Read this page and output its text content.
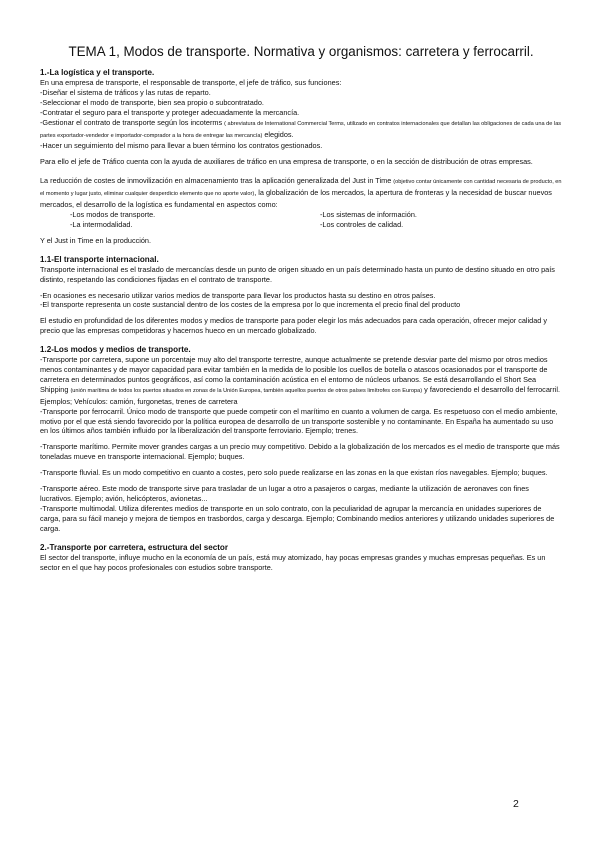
TEMA 1, Modos de transporte. Normativa y organismos: carretera y ferrocarril.
1.-La logística y el transporte.
En una empresa de transporte, el responsable de transporte, el jefe de tráfico, sus funciones:
-Diseñar el sistema de tráficos y las rutas de reparto.
-Seleccionar el modo de transporte, bien sea propio o subcontratado.
-Contratar el seguro para el transporte y proteger adecuadamente la mercancía.
-Gestionar el contrato de transporte según los incoterms ( abreviatura de International Commercial Terms, utilizado en contratos internacionales que detallan las obligaciones de cada una de las partes exportador-vendedor e importador-comprador a la hora de entregar las mercancía) elegidos.
-Hacer un seguimiento del mismo para llevar a buen término los contratos gestionados.
Para ello el jefe de Tráfico cuenta con la ayuda de auxiliares de tráfico en una empresa de transporte, o en la sección de distribución de otras empresas.
La reducción de costes de inmovilización en almacenamiento tras la aplicación generalizada del Just in Time (objetivo contar únicamente con cantidad necesaria de producto, en el momento y lugar justo, eliminar cualquier desperdicio elemento que no aporte valor), la globalización de los mercados, la apertura de fronteras y la necesidad de buscar nuevos mercados, el desarrollo de la logística es fundamental en aspectos como:
-Los modos de transporte.
-La intermodalidad.
-Los sistemas de información.
-Los controles de calidad.
Y el Just in Time en la producción.
1.1-El transporte internacional.
Transporte internacional es el traslado de mercancías desde un punto de origen situado en un país determinado hasta un punto de destino situado en otro país distinto, respetando las condiciones fijadas en el contrato de transporte.
-En ocasiones es necesario utilizar varios medios de transporte para llevar los productos hasta su destino en otros países.
-El transporte representa un coste sustancial dentro de los costes de la empresa por lo que incrementa el precio final del producto
El estudio en profundidad de los diferentes modos y medios de transporte para poder elegir los más adecuados para cada operación, ofrecer mejor calidad y precio que las empresas competidoras y hacernos hueco en un mercado globalizado.
1.2-Los modos y medios de transporte.
-Transporte por carretera, supone un porcentaje muy alto del transporte terrestre, aunque actualmente se pretende desviar parte del mismo por otros medios menos contaminantes y de mayor capacidad para evitar también en la medida de lo posible los cuellos de botella o atascos ocasionados por el transporte de carretera en determinados puntos geográficos, así como la contaminación acústica en el entorno de núcleos urbanos. Se está desarrollando el Short Sea Shipping (unión marítima de todos los puertos situados en zonas de la Unión Europea, también aquellos puertos de otros países limítrofes con Europa) y favoreciendo el desarrollo del ferrocarril. Ejemplos; Vehículos: camión, furgonetas, trenes de carretera
-Transporte por ferrocarril. Único modo de transporte que puede competir con el marítimo en cuanto a volumen de carga. Es respetuoso con el medio ambiente, motivo por el que está siendo favorecido por la política europea de desarrollo de un transporte sostenible y no contaminante. En España ha aumentado su uso en los últimos años también influido por la liberalización del transporte ferroviario. Ejemplo; trenes.
-Transporte marítimo. Permite mover grandes cargas a un precio muy competitivo. Debido a la globalización de los mercados es el medio de transporte que más toneladas mueve en transporte internacional. Ejemplo; buques.
-Transporte fluvial. Es un modo competitivo en cuanto a costes, pero solo puede realizarse en las zonas en la que existan ríos navegables. Ejemplo; buques.
-Transporte aéreo. Este modo de transporte sirve para trasladar de un lugar a otro a pasajeros o cargas, mediante la utilización de aeronaves con fines lucrativos. Ejemplo; avión, helicópteros, avionetas...
-Transporte multimodal. Utiliza diferentes medios de transporte en un solo contrato, con la peculiaridad de agrupar la mercancía en unidades superiores de carga, para su fácil manejo y mejora de tiempos en trasbordos, carga y descarga. Ejemplo; Combinando medios anteriores y utilizando unidades superiores de carga.
2.-Transporte por carretera, estructura del sector
El sector del transporte, influye mucho en la economía de un país, está muy atomizado, hay pocas empresas grandes y muchas empresas pequeñas. Es un sector en el que hay pocos profesionales con estudios sobre transporte.
2
